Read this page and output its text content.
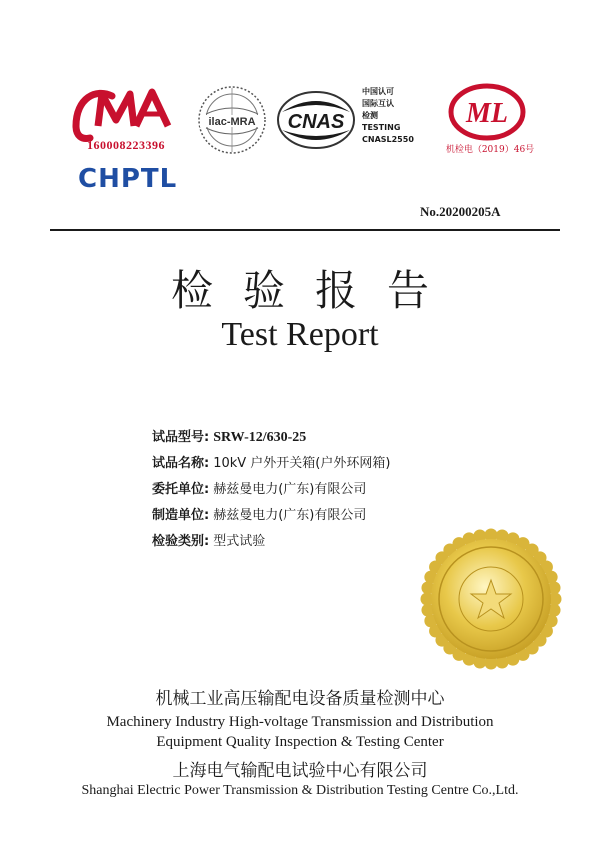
160008223396
CHPTL
ilac-MRA CNAS
中国认可
国际互认
检测
TESTING
CNASL2550
ML
机检电（2019）46号
No.20200205A
检验报告
Test Report
试品型号: SRW-12/630-25
试品名称: 10kV 户外开关箱(户外环网箱)
委托单位: 赫兹曼电力(广东)有限公司
制造单位: 赫兹曼电力(广东)有限公司
检验类别: 型式试验
机械工业高压输配电设备质量检测中心
Machinery Industry High-voltage Transmission and Distribution
Equipment Quality Inspection & Testing Center
上海电气输配电试验中心有限公司
Shanghai Electric Power Transmission & Distribution Testing Centre Co.,Ltd.
